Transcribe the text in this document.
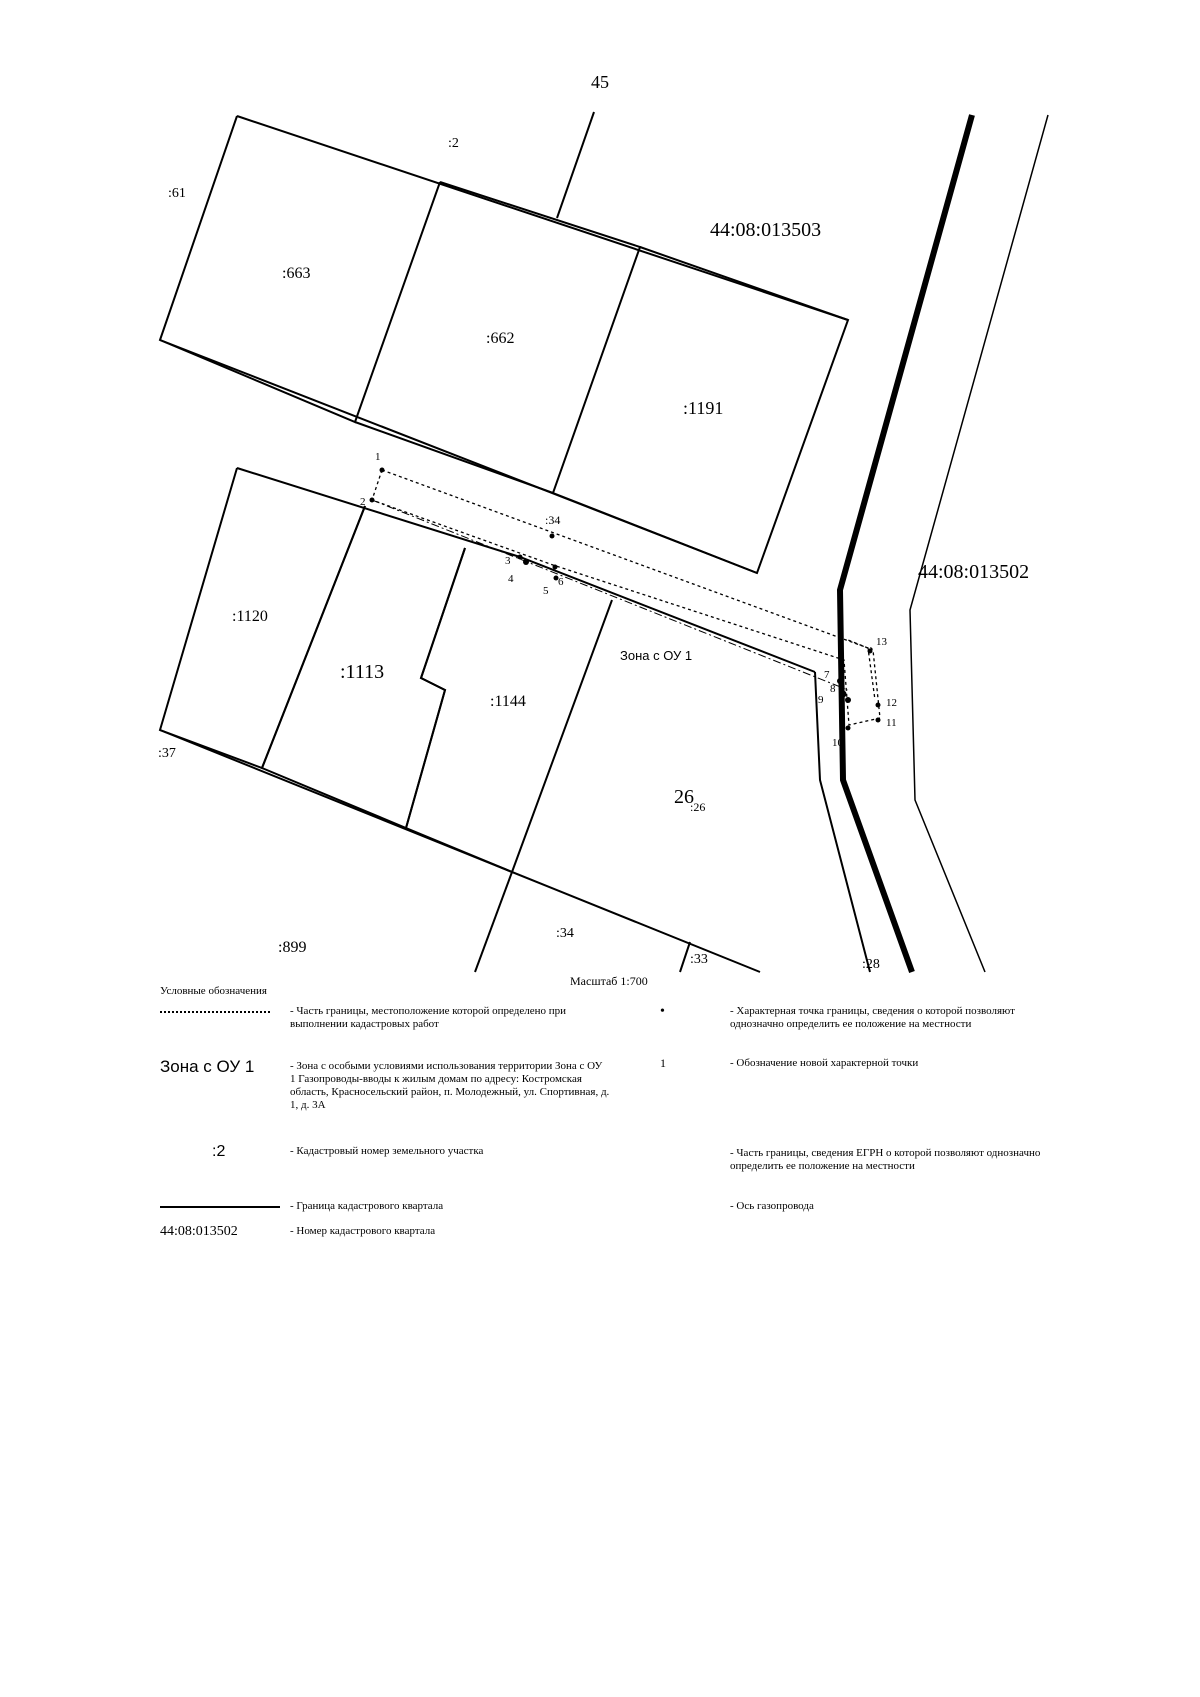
45
44:08:013503
44:08:013502
:61
:2
:663
:662
:1191
:34
:1120
:1113
:1144
26
:26
:37
:899
:34
:33	:28
Зона с ОУ 1
Масштаб 1:700
1
2
3
4
5
6
7
8
9
10
11
12
13
Условные обозначения
- Часть границы, местоположение которой определено при выполнении кадастровых работ
Зона с ОУ 1	- Зона с особыми условиями использования территории Зона с ОУ 1 Газопроводы-вводы к жилым домам по адресу: Костромская область, Красносельский район, п. Молодежный, ул. Спортивная, д. 1, д. 3А
:2	- Кадастровый номер земельного участка
- Граница кадастрового квартала
44:08:013502	- Номер кадастрового квартала
•	- Характерная точка границы, сведения о которой позволяют однозначно определить ее положение на местности
1	- Обозначение новой характерной точки
- Часть границы, сведения ЕГРН о которой позволяют однозначно определить ее положение на местности
- Ось газопровода
